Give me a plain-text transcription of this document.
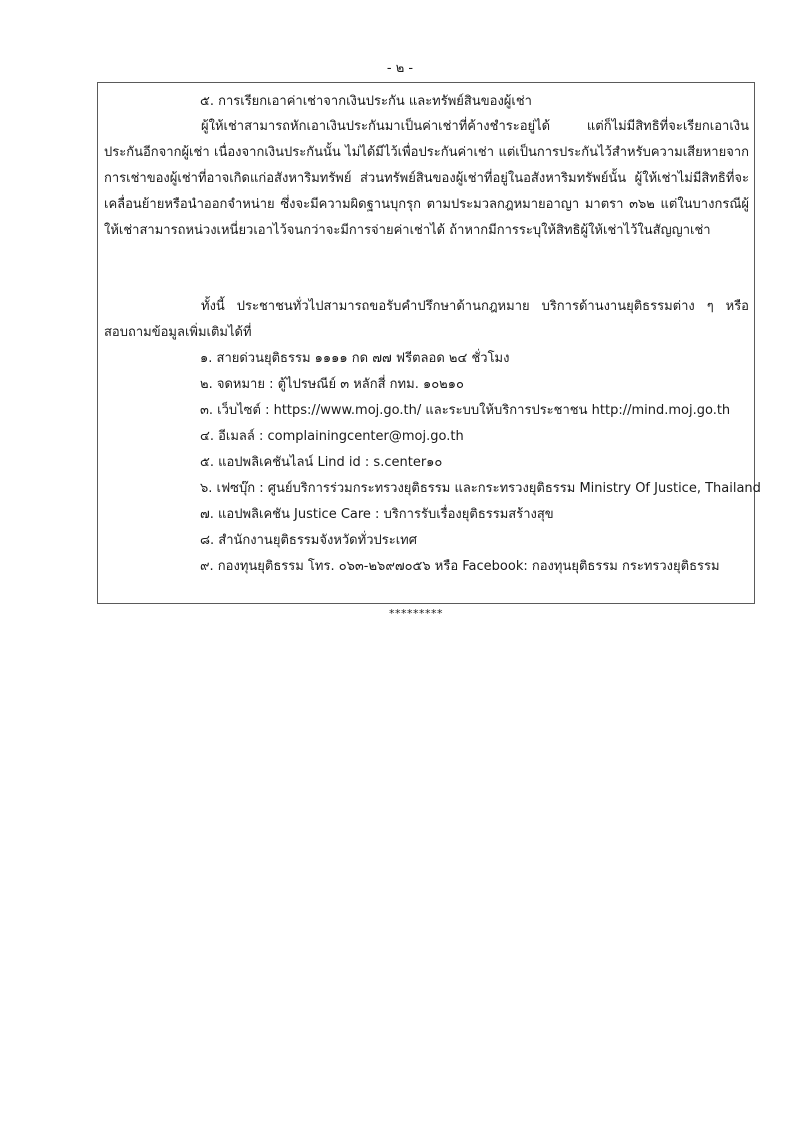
- ๒ -
๕. การเรียกเอาค่าเช่าจากเงินประกัน และทรัพย์สินของผู้เช่า

ผู้ให้เช่าสามารถหักเอาเงินประกันมาเป็นค่าเช่าที่ค้างชำระอยู่ได้ แต่ก็ไม่มีสิทธิที่จะเรียกเอาเงินประกันอีกจากผู้เช่า เนื่องจากเงินประกันนั้น ไม่ได้มีไว้เพื่อประกันค่าเช่า แต่เป็นการประกันไว้สำหรับความเสียหายจากการเช่าของผู้เช่าที่อาจเกิดแก่อสังหาริมทรัพย์ ส่วนทรัพย์สินของผู้เช่าที่อยู่ในอสังหาริมทรัพย์นั้น ผู้ให้เช่าไม่มีสิทธิที่จะเคลื่อนย้ายหรือนำออกจำหน่าย ซึ่งจะมีความผิดฐานบุกรุก ตามประมวลกฎหมายอาญา มาตรา ๓๖๒ แต่ในบางกรณีผู้ให้เช่าสามารถหน่วงเหนี่ยวเอาไว้จนกว่าจะมีการจ่ายค่าเช่าได้ ถ้าหากมีการระบุให้สิทธิผู้ให้เช่าไว้ในสัญญาเช่า

ทั้งนี้ ประชาชนทั่วไปสามารถขอรับคำปรึกษาด้านกฎหมาย บริการด้านงานยุติธรรมต่าง ๆ หรือสอบถามข้อมูลเพิ่มเติมได้ที่

๑. สายด่วนยุติธรรม ๑๑๑๑ กด ๗๗ ฟรีตลอด ๒๔ ชั่วโมง
๒. จดหมาย : ตู้ไปรษณีย์ ๓ หลักสี่ กทม. ๑๐๒๑๐
๓. เว็บไซต์ : https://www.moj.go.th/ และระบบให้บริการประชาชน http://mind.moj.go.th
๔. อีเมลล์ : complainingcenter@moj.go.th
๕. แอปพลิเคชันไลน์ Lind id : s.center๑๐
๖. เฟซบุ๊ก : ศูนย์บริการร่วมกระทรวงยุติธรรม และกระทรวงยุติธรรม Ministry Of Justice, Thailand
๗. แอปพลิเคชัน Justice Care : บริการรับเรื่องยุติธรรมสร้างสุข
๘. สำนักงานยุติธรรมจังหวัดทั่วประเทศ
๙. กองทุนยุติธรรม โทร. ๐๖๓-๒๖๙๗๐๕๖ หรือ Facebook: กองทุนยุติธรรม กระทรวงยุติธรรม
*********
